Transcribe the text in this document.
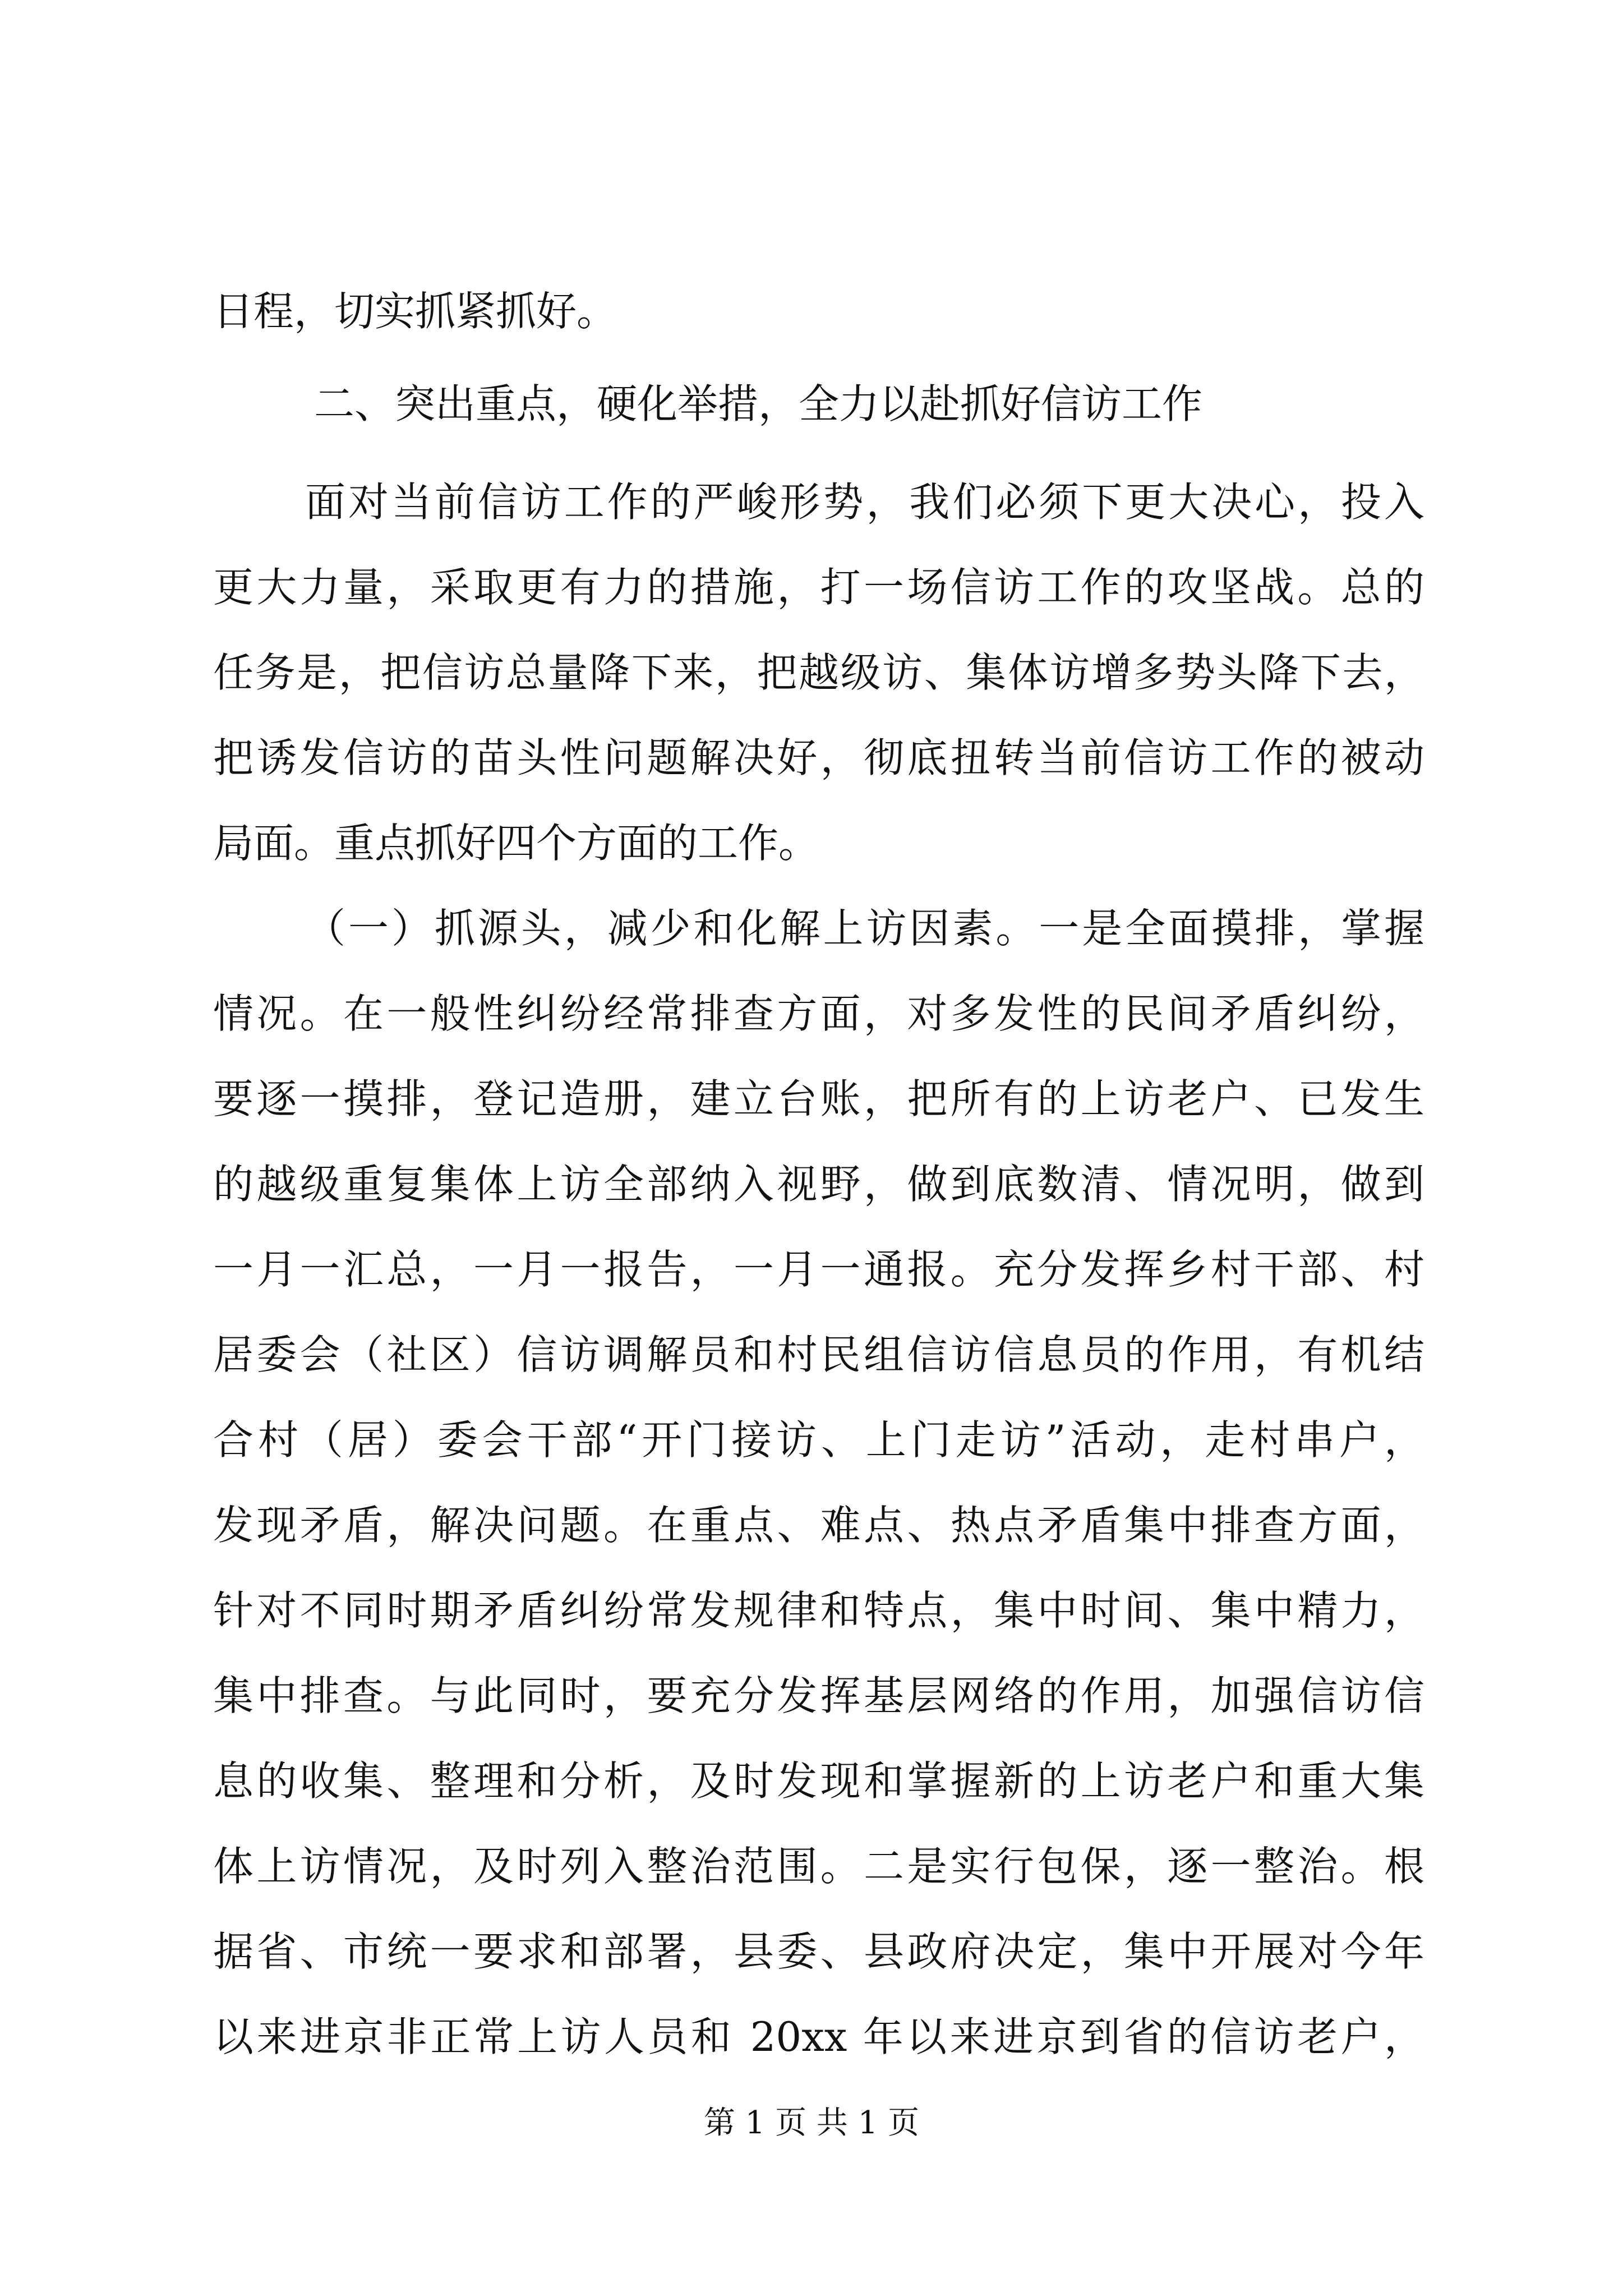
日程，切实抓紧抓好。
二、突出重点，硬化举措，全力以赴抓好信访工作
面对当前信访工作的严峻形势，我们必须下更大决心，投入
更大力量，采取更有力的措施，打一场信访工作的攻坚战。总的
任务是，把信访总量降下来，把越级访、集体访增多势头降下去，
把诱发信访的苗头性问题解决好，彻底扭转当前信访工作的被动
局面。重点抓好四个方面的工作。
（一）抓源头，减少和化解上访因素。一是全面摸排，掌握
情况。在一般性纠纷经常排查方面，对多发性的民间矛盾纠纷，
要逐一摸排，登记造册，建立台账，把所有的上访老户、已发生
的越级重复集体上访全部纳入视野，做到底数清、情况明，做到
一月一汇总，一月一报告，一月一通报。充分发挥乡村干部、村
居委会（社区）信访调解员和村民组信访信息员的作用，有机结
合村（居）委会干部“开门接访、上门走访”活动，走村串户，
发现矛盾，解决问题。在重点、难点、热点矛盾集中排查方面，
针对不同时期矛盾纠纷常发规律和特点，集中时间、集中精力，
集中排查。与此同时，要充分发挥基层网络的作用，加强信访信
息的收集、整理和分析，及时发现和掌握新的上访老户和重大集
体上访情况，及时列入整治范围。二是实行包保，逐一整治。根
据省、市统一要求和部署，县委、县政府决定，集中开展对今年
以来进京非正常上访人员和 20xx 年以来进京到省的信访老户，
第 1 页 共 1 页
